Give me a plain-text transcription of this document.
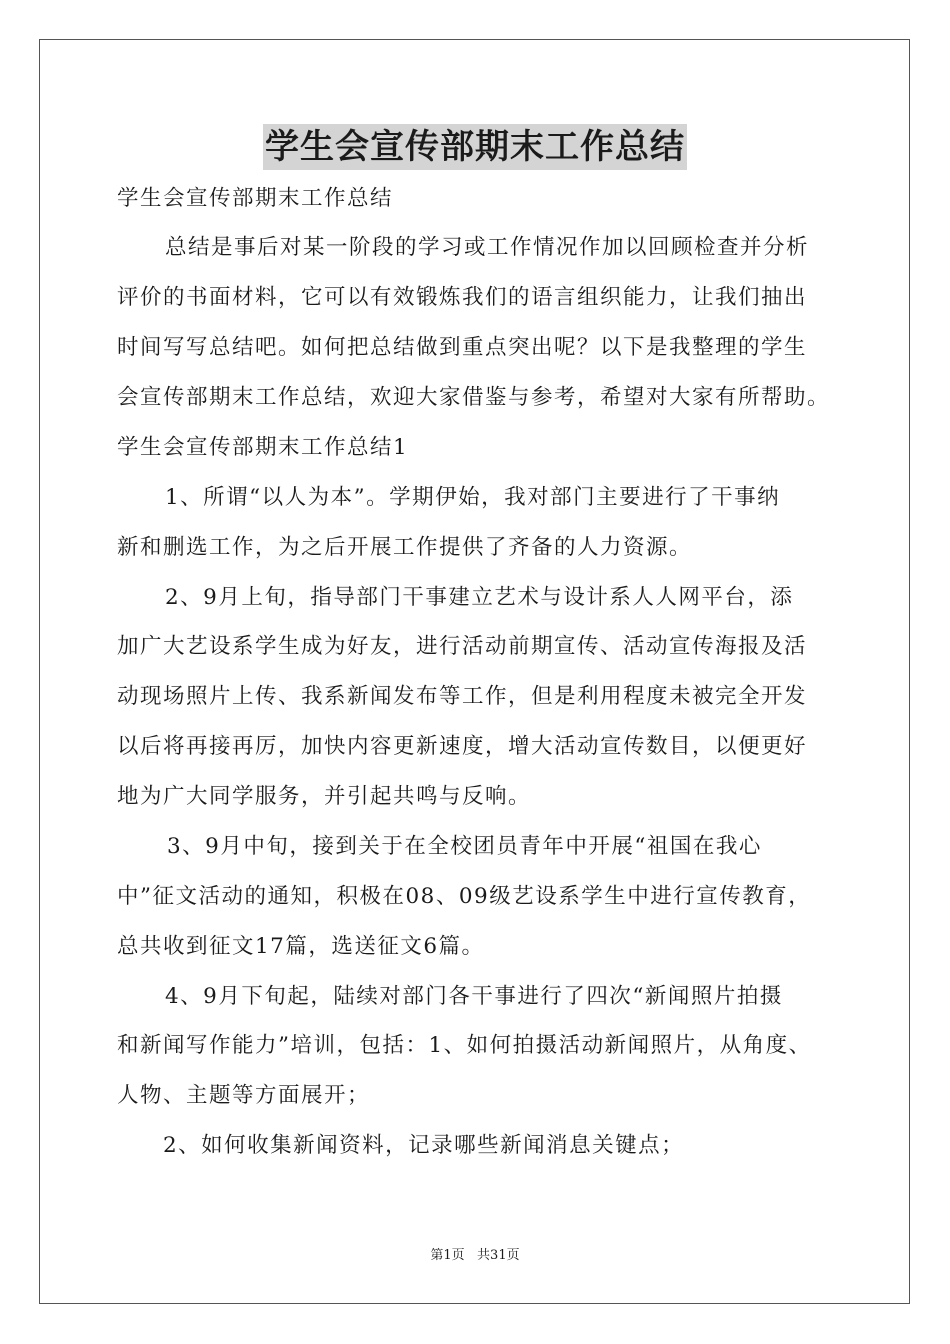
学生会宣传部期末工作总结
学生会宣传部期末工作总结
总结是事后对某一阶段的学习或工作情况作加以回顾检查并分析
评价的书面材料，它可以有效锻炼我们的语言组织能力，让我们抽出
时间写写总结吧。如何把总结做到重点突出呢？以下是我整理的学生
会宣传部期末工作总结，欢迎大家借鉴与参考，希望对大家有所帮助。
学生会宣传部期末工作总结1
1、所谓“以人为本”。学期伊始，我对部门主要进行了干事纳
新和删选工作，为之后开展工作提供了齐备的人力资源。
2、9月上旬，指导部门干事建立艺术与设计系人人网平台，添
加广大艺设系学生成为好友，进行活动前期宣传、活动宣传海报及活
动现场照片上传、我系新闻发布等工作，但是利用程度未被完全开发
以后将再接再厉，加快内容更新速度，增大活动宣传数目，以便更好
地为广大同学服务，并引起共鸣与反响。
3、9月中旬，接到关于在全校团员青年中开展“祖国在我心
中”征文活动的通知，积极在08、09级艺设系学生中进行宣传教育，
总共收到征文17篇，选送征文6篇。
4、9月下旬起，陆续对部门各干事进行了四次“新闻照片拍摄
和新闻写作能力”培训，包括：1、如何拍摄活动新闻照片，从角度、
人物、主题等方面展开；
2、如何收集新闻资料，记录哪些新闻消息关键点；
第1页   共31页
